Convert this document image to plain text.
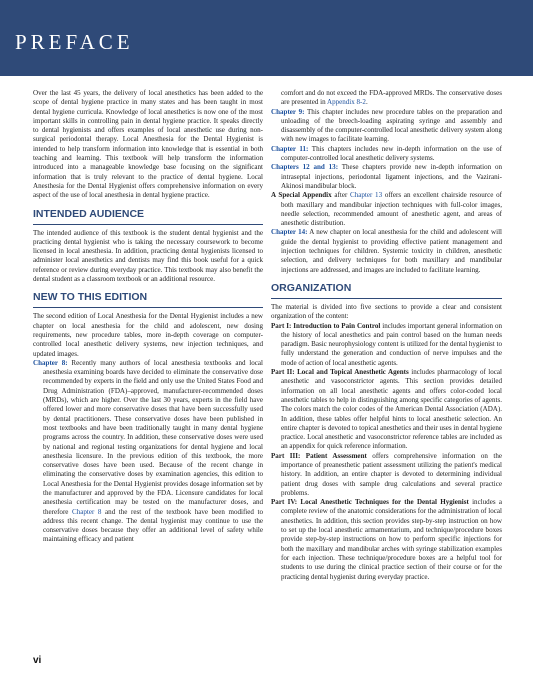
PREFACE

Over the last 45 years, the delivery of local anesthetics has been added to the scope of dental hygiene practice in many states and has been taught in most dental hygiene curricula. Knowledge of local anesthetics is now one of the most important skills in controlling pain in dental hygiene practice. It speaks directly to dental hygienists and offers examples of local anesthetic use during non-surgical periodontal therapy. Local Anesthesia for the Dental Hygienist is intended to help transform information into knowledge that is essential in both teaching and learning. This textbook will help transform the information introduced into a manageable knowledge base focusing on the significant information that is truly relevant to the practice of dental hygiene. Local Anesthesia for the Dental Hygienist offers comprehensive information on every aspect of the use of local anesthesia in dental hygiene practice.

INTENDED AUDIENCE

The intended audience of this textbook is the student dental hygienist and the practicing dental hygienist who is taking the necessary coursework to become licensed in local anesthesia. In addition, practicing dental hygienists licensed to administer local anesthetics and dentists may find this book useful for a quick reference or review during everyday practice. This textbook may also benefit the dental student as a classroom textbook or an additional resource.

NEW TO THIS EDITION

The second edition of Local Anesthesia for the Dental Hygienist includes a new chapter on local anesthesia for the child and adolescent, new dosing requirements, new procedure tables, more in-depth coverage on computer-controlled local anesthetic delivery systems, new injection techniques, and updated images.

Chapter 8: Recently many authors of local anesthesia textbooks and local anesthesia examining boards have decided to eliminate the conservative dose recommended by experts in the field and only use the United States Food and Drug Administration (FDA)–approved, manufacturer-recommended doses (MRDs), which are higher. Over the last 30 years, experts in the field have offered lower and more conservative doses that have been successfully used by dental practitioners. These conservative doses have been published in most textbooks and have been traditionally taught in many dental hygiene programs across the country. In addition, these conservative doses were used by national and regional testing organizations for dental hygiene and local anesthesia licensure. In the previous edition of this textbook, the more conservative doses have been used. Because of the recent change in eliminating the conservative doses by examination agencies, this edition to Local Anesthesia for the Dental Hygienist provides dosage information set by the manufacturer and approved by the FDA. Licensure candidates for local anesthesia certification may be tested on the manufacturer doses, and therefore Chapter 8 and the rest of the textbook have been modified to address this recent change. The dental hygienist may continue to use the conservative doses because they offer an additional level of safety while maintaining efficacy and patient

comfort and do not exceed the FDA-approved MRDs. The conservative doses are presented in Appendix 8-2.

Chapter 9: This chapter includes new procedure tables on the preparation and unloading of the breech-loading aspirating syringe and assembly and disassembly of the computer-controlled local anesthetic delivery system along with new images to facilitate learning.

Chapter 11: This chapters includes new in-depth information on the use of computer-controlled local anesthetic delivery systems.

Chapters 12 and 13: These chapters provide new in-depth information on intraseptal injections, periodontal ligament injections, and the Vazirani-Akinosi mandibular block.

A Special Appendix after Chapter 13 offers an excellent chairside resource of both maxillary and mandibular injection techniques with full-color images, needle selection, recommended amount of anesthetic agent, and areas of anesthetic distribution.

Chapter 14: A new chapter on local anesthesia for the child and adolescent will guide the dental hygienist to providing effective patient management and injection techniques for children. Systemic toxicity in children, anesthetic selection, and delivery techniques for both maxillary and mandibular injections are addressed, and images are included to facilitate learning.

ORGANIZATION

The material is divided into five sections to provide a clear and consistent organization of the content:

Part I: Introduction to Pain Control includes important general information on the history of local anesthetics and pain control based on the human needs paradigm. Basic neurophysiology content is utilized for the dental hygienist to fully understand the generation and conduction of nerve impulses and the mode of action of local anesthetic agents.

Part II: Local and Topical Anesthetic Agents includes pharmacology of local anesthetic and vasoconstrictor agents. This section provides detailed information on all local anesthetic agents and offers color-coded local anesthetic tables to help in distinguishing among specific categories of agents. The colors match the color codes of the American Dental Association (ADA). In addition, these tables offer helpful hints to local anesthetic selection. An entire chapter is devoted to topical anesthetics and their uses in dental hygiene practice. Local anesthetic and vasoconstrictor reference tables are included as an appendix for quick reference information.

Part III: Patient Assessment offers comprehensive information on the importance of preanesthetic patient assessment utilizing the patient's medical history. In addition, an entire chapter is devoted to determining individual patient drug doses with sample drug calculations and several practice problems.

Part IV: Local Anesthetic Techniques for the Dental Hygienist includes a complete review of the anatomic considerations for the administration of local anesthetics. In addition, this section provides step-by-step instruction on how to set up the local anesthetic armamentarium, and technique/procedure boxes provide step-by-step instructions on how to perform specific injections for both the maxillary and mandibular arches with syringe stabilization examples for each injection. These technique/procedure boxes are a helpful tool for students to use during the clinical practice section of their course or for the practicing dental hygienist during everyday practice.

vi
